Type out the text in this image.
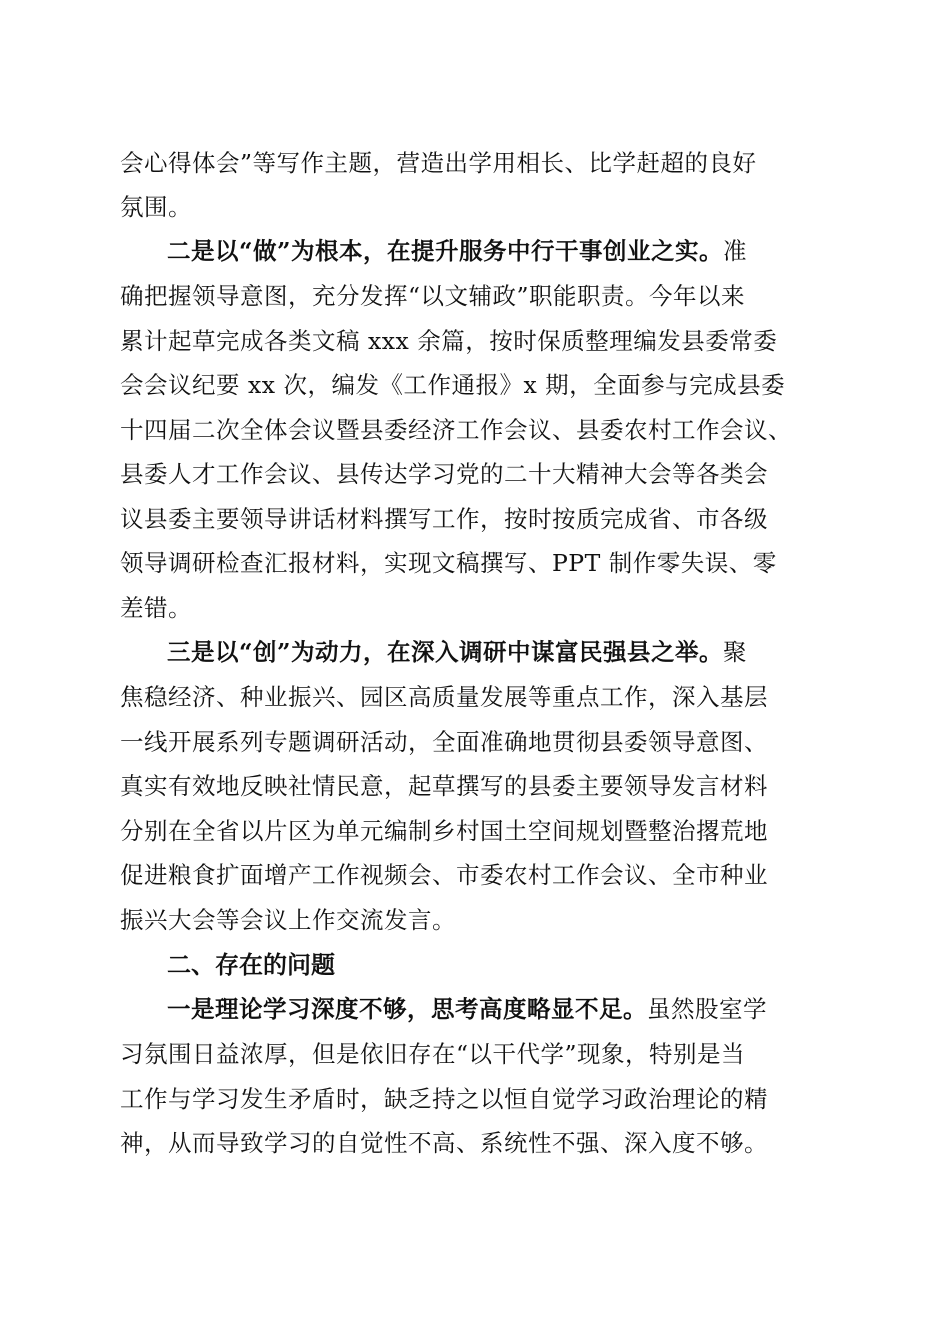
会心得体会”等写作主题，营造出学用相长、比学赶超的良好
氛围。
二是以“做”为根本，在提升服务中行干事创业之实。准
确把握领导意图，充分发挥“以文辅政”职能职责。今年以来
累计起草完成各类文稿 xxx 余篇，按时保质整理编发县委常委
会会议纪要 xx 次，编发《工作通报》x 期，全面参与完成县委
十四届二次全体会议暨县委经济工作会议、县委农村工作会议、
县委人才工作会议、县传达学习党的二十大精神大会等各类会
议县委主要领导讲话材料撰写工作，按时按质完成省、市各级
领导调研检查汇报材料，实现文稿撰写、PPT 制作零失误、零
差错。
三是以“创”为动力，在深入调研中谋富民强县之举。聚
焦稳经济、种业振兴、园区高质量发展等重点工作，深入基层
一线开展系列专题调研活动，全面准确地贯彻县委领导意图、
真实有效地反映社情民意，起草撰写的县委主要领导发言材料
分别在全省以片区为单元编制乡村国土空间规划暨整治撂荒地
促进粮食扩面增产工作视频会、市委农村工作会议、全市种业
振兴大会等会议上作交流发言。
二、存在的问题
一是理论学习深度不够，思考高度略显不足。虽然股室学
习氛围日益浓厚，但是依旧存在“以干代学”现象，特别是当
工作与学习发生矛盾时，缺乏持之以恒自觉学习政治理论的精
神，从而导致学习的自觉性不高、系统性不强、深入度不够。
